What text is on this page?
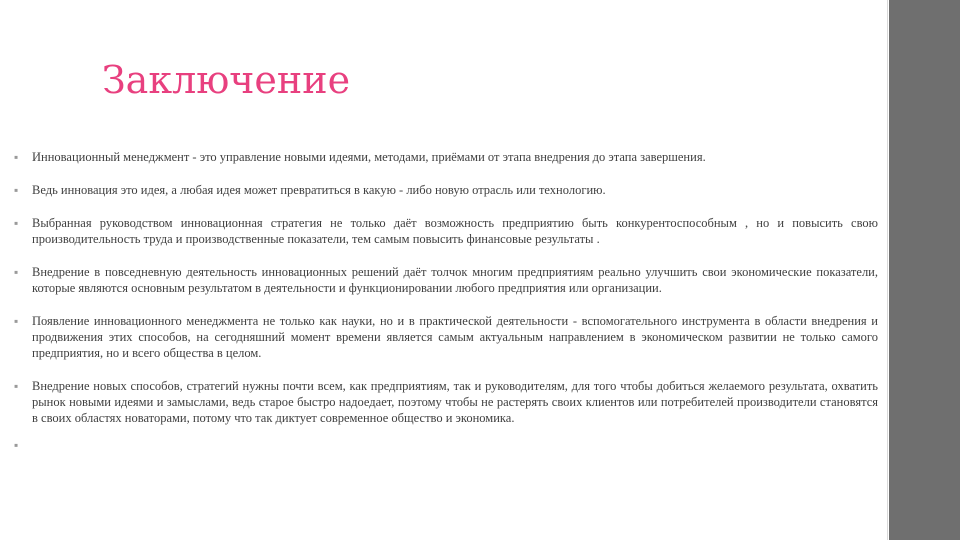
Заключение
▪ Инновационный менеджмент - это управление новыми идеями, методами, приёмами от этапа внедрения до этапа завершения.
▪ Ведь инновация это идея, а любая идея может превратиться в какую - либо новую отрасль или технологию.
▪ Выбранная руководством инновационная стратегия не только даёт возможность предприятию быть конкурентоспособным , но и повысить свою производительность труда и производственные показатели, тем самым повысить финансовые результаты .
▪ Внедрение в повседневную деятельность инновационных решений даёт толчок многим предприятиям реально улучшить свои экономические показатели, которые являются основным результатом в деятельности и функционировании любого предприятия или организации.
▪ Появление инновационного менеджмента не только как науки, но и в практической деятельности - вспомогательного инструмента в области внедрения и продвижения этих способов, на сегодняшний момент времени является самым актуальным направлением в экономическом развитии не только самого предприятия, но и всего общества в целом.
▪ Внедрение новых способов, стратегий нужны почти всем, как предприятиям, так и руководителям, для того чтобы добиться желаемого результата, охватить рынок новыми идеями и замыслами, ведь старое быстро надоедает, поэтому чтобы не растерять своих клиентов или потребителей производители становятся в своих областях новаторами, потому что так диктует современное общество и экономика.
▪
